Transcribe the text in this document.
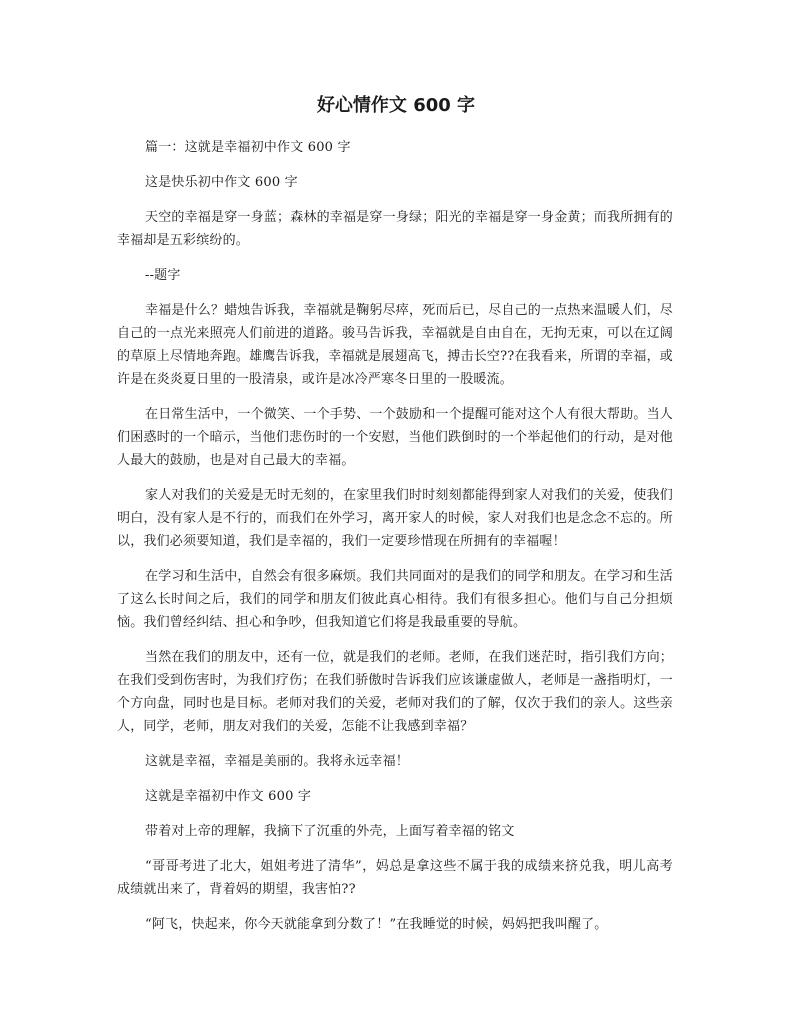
好心情作文 600 字

篇一：这就是幸福初中作文 600 字

这是快乐初中作文 600 字

天空的幸福是穿一身蓝；森林的幸福是穿一身绿；阳光的幸福是穿一身金黄；而我所拥有的幸福却是五彩缤纷的。

--题字

幸福是什么？蜡烛告诉我，幸福就是鞠躬尽瘁，死而后已，尽自己的一点热来温暖人们，尽自己的一点光来照亮人们前进的道路。骏马告诉我，幸福就是自由自在，无拘无束，可以在辽阔的草原上尽情地奔跑。雄鹰告诉我，幸福就是展翅高飞，搏击长空??在我看来，所谓的幸福，或许是在炎炎夏日里的一股清泉，或许是冰冷严寒冬日里的一股暖流。

在日常生活中，一个微笑、一个手势、一个鼓励和一个提醒可能对这个人有很大帮助。当人们困惑时的一个暗示，当他们悲伤时的一个安慰，当他们跌倒时的一个举起他们的行动，是对他人最大的鼓励，也是对自己最大的幸福。

家人对我们的关爱是无时无刻的，在家里我们时时刻刻都能得到家人对我们的关爱，使我们明白，没有家人是不行的，而我们在外学习，离开家人的时候，家人对我们也是念念不忘的。所以，我们必须要知道，我们是幸福的，我们一定要珍惜现在所拥有的幸福喔！

在学习和生活中，自然会有很多麻烦。我们共同面对的是我们的同学和朋友。在学习和生活了这么长时间之后，我们的同学和朋友们彼此真心相待。我们有很多担心。他们与自己分担烦恼。我们曾经纠结、担心和争吵，但我知道它们将是我最重要的导航。

当然在我们的朋友中，还有一位，就是我们的老师。老师，在我们迷茫时，指引我们方向；在我们受到伤害时，为我们疗伤；在我们骄傲时告诉我们应该谦虚做人，老师是一盏指明灯，一个方向盘，同时也是目标。老师对我们的关爱，老师对我们的了解，仅次于我们的亲人。这些亲人，同学，老师，朋友对我们的关爱，怎能不让我感到幸福？

这就是幸福，幸福是美丽的。我将永远幸福！

这就是幸福初中作文 600 字

带着对上帝的理解，我摘下了沉重的外壳，上面写着幸福的铭文

“哥哥考进了北大，姐姐考进了清华”，妈总是拿这些不属于我的成绩来挤兑我，明儿高考成绩就出来了，背着妈的期望，我害怕??

“阿飞，快起来，你今天就能拿到分数了！”在我睡觉的时候，妈妈把我叫醒了。
